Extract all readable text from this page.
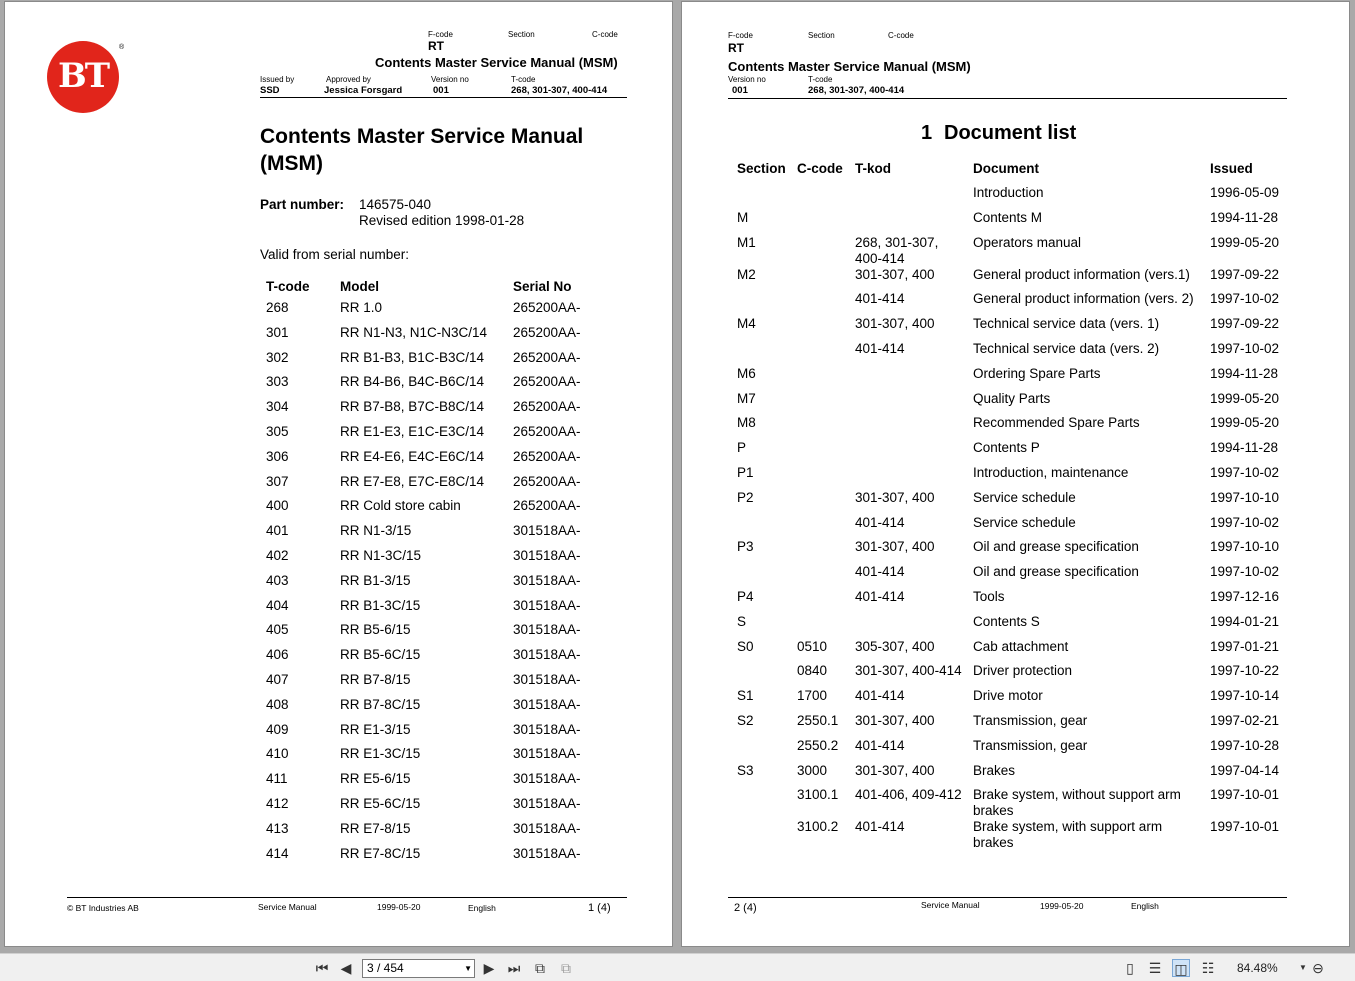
BT
®
F-code	Section	C-code
RT
Contents Master Service Manual (MSM)
Issued by	Approved by	Version no	T-code
SSD	Jessica Forsgard	001	268, 301-307, 400-414
Contents Master Service Manual
(MSM)
Part number: 146575-040
Revised edition 1998-01-28
Valid from serial number:
T-code	Model	Serial No
268	RR 1.0	265200AA-
301	RR N1-N3, N1C-N3C/14	265200AA-
302	RR B1-B3, B1C-B3C/14	265200AA-
303	RR B4-B6, B4C-B6C/14	265200AA-
304	RR B7-B8, B7C-B8C/14	265200AA-
305	RR E1-E3, E1C-E3C/14	265200AA-
306	RR E4-E6, E4C-E6C/14	265200AA-
307	RR E7-E8, E7C-E8C/14	265200AA-
400	RR Cold store cabin	265200AA-
401	RR N1-3/15	301518AA-
402	RR N1-3C/15	301518AA-
403	RR B1-3/15	301518AA-
404	RR B1-3C/15	301518AA-
405	RR B5-6/15	301518AA-
406	RR B5-6C/15	301518AA-
407	RR B7-8/15	301518AA-
408	RR B7-8C/15	301518AA-
409	RR E1-3/15	301518AA-
410	RR E1-3C/15	301518AA-
411	RR E5-6/15	301518AA-
412	RR E5-6C/15	301518AA-
413	RR E7-8/15	301518AA-
414	RR E7-8C/15	301518AA-
© BT Industries AB	Service Manual	1999-05-20	English	1 (4)
F-code	Section	C-code
RT
Contents Master Service Manual (MSM)
Version no	T-code
001	268, 301-307, 400-414
1 Document list
Section	C-code	T-kod	Document	Issued
			Introduction	1996-05-09
M			Contents M	1994-11-28
M1		268, 301-307, 400-414	Operators manual	1999-05-20
M2		301-307, 400	General product information (vers.1)	1997-09-22
		401-414	General product information (vers. 2)	1997-10-02
M4		301-307, 400	Technical service data (vers. 1)	1997-09-22
		401-414	Technical service data (vers. 2)	1997-10-02
M6			Ordering Spare Parts	1994-11-28
M7			Quality Parts	1999-05-20
M8			Recommended Spare Parts	1999-05-20
P			Contents P	1994-11-28
P1			Introduction, maintenance	1997-10-02
P2		301-307, 400	Service schedule	1997-10-10
		401-414	Service schedule	1997-10-02
P3		301-307, 400	Oil and grease specification	1997-10-10
		401-414	Oil and grease specification	1997-10-02
P4		401-414	Tools	1997-12-16
S			Contents S	1994-01-21
S0	0510	305-307, 400	Cab attachment	1997-01-21
	0840	301-307, 400-414	Driver protection	1997-10-22
S1	1700	401-414	Drive motor	1997-10-14
S2	2550.1	301-307, 400	Transmission, gear	1997-02-21
	2550.2	401-414	Transmission, gear	1997-10-28
S3	3000	301-307, 400	Brakes	1997-04-14
	3100.1	401-406, 409-412	Brake system, without support arm brakes	1997-10-01
	3100.2	401-414	Brake system, with support arm brakes	1997-10-01
2 (4)	Service Manual	1999-05-20	English
⏮ ◀	3 / 454	▼ ▶ ⏭ ⧉ ⧉	▯	☰ ◫ ☷ 84.48%	▼ ⊖
